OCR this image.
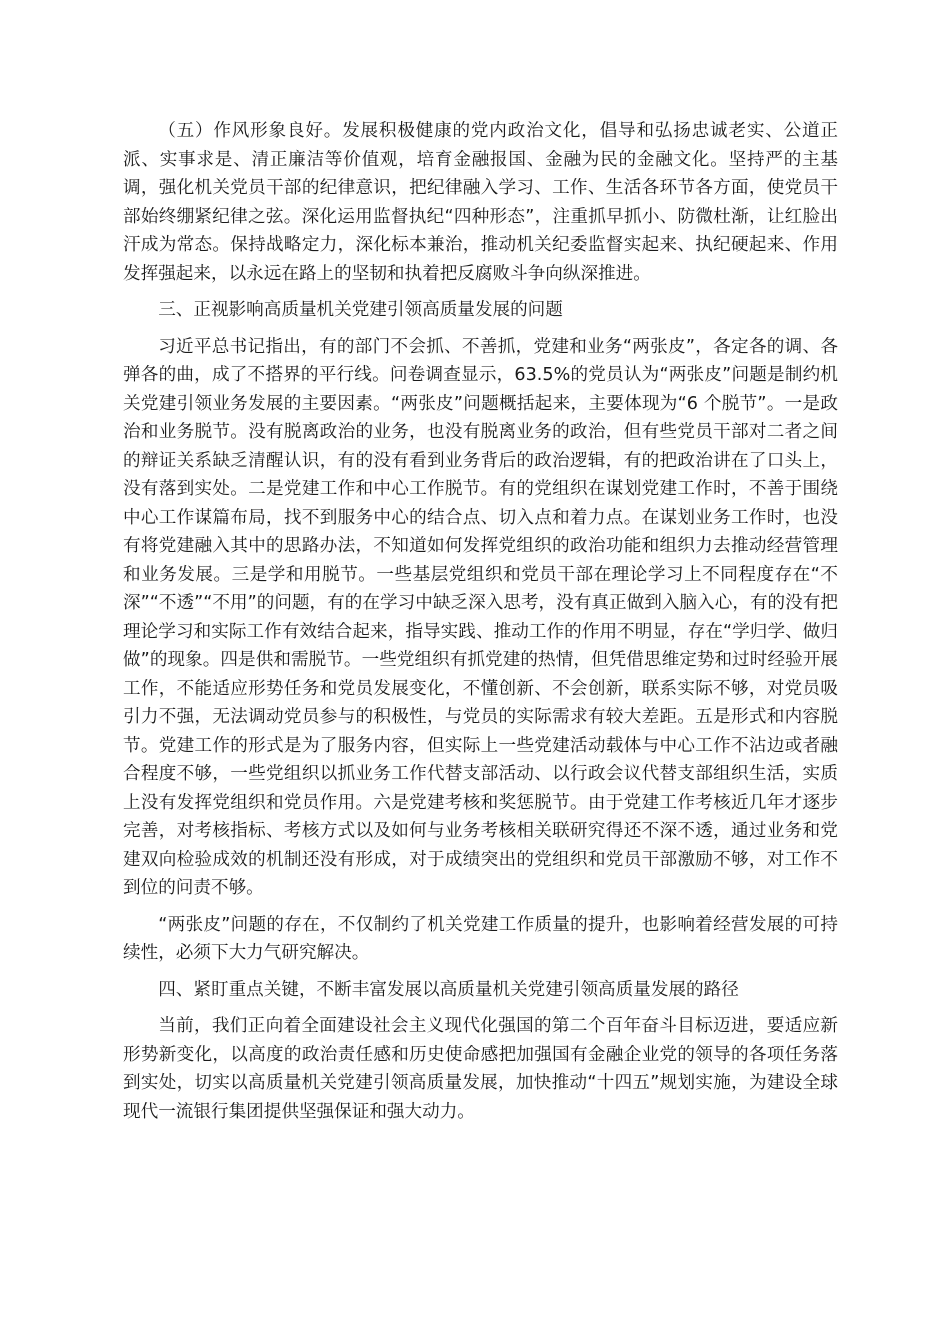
（五）作风形象良好。发展积极健康的党内政治文化，倡导和弘扬忠诚老实、公道正派、实事求是、清正廉洁等价值观，培育金融报国、金融为民的金融文化。坚持严的主基调，强化机关党员干部的纪律意识，把纪律融入学习、工作、生活各环节各方面，使党员干部始终绷紧纪律之弦。深化运用监督执纪“四种形态”，注重抓早抓小、防微杜渐，让红脸出汗成为常态。保持战略定力，深化标本兼治，推动机关纪委监督实起来、执纪硬起来、作用发挥强起来，以永远在路上的坚韧和执着把反腐败斗争向纵深推进。

三、正视影响高质量机关党建引领高质量发展的问题

习近平总书记指出，有的部门不会抓、不善抓，党建和业务“两张皮”，各定各的调、各弹各的曲，成了不搭界的平行线。问卷调查显示，63.5%的党员认为“两张皮”问题是制约机关党建引领业务发展的主要因素。“两张皮”问题概括起来，主要体现为“6 个脱节”。一是政治和业务脱节。没有脱离政治的业务，也没有脱离业务的政治，但有些党员干部对二者之间的辩证关系缺乏清醒认识，有的没有看到业务背后的政治逻辑，有的把政治讲在了口头上，没有落到实处。二是党建工作和中心工作脱节。有的党组织在谋划党建工作时，不善于围绕中心工作谋篇布局，找不到服务中心的结合点、切入点和着力点。在谋划业务工作时，也没有将党建融入其中的思路办法，不知道如何发挥党组织的政治功能和组织力去推动经营管理和业务发展。三是学和用脱节。一些基层党组织和党员干部在理论学习上不同程度存在“不深”“不透”“不用”的问题，有的在学习中缺乏深入思考，没有真正做到入脑入心，有的没有把理论学习和实际工作有效结合起来，指导实践、推动工作的作用不明显，存在“学归学、做归做”的现象。四是供和需脱节。一些党组织有抓党建的热情，但凭借思维定势和过时经验开展工作，不能适应形势任务和党员发展变化，不懂创新、不会创新，联系实际不够，对党员吸引力不强，无法调动党员参与的积极性，与党员的实际需求有较大差距。五是形式和内容脱节。党建工作的形式是为了服务内容，但实际上一些党建活动载体与中心工作不沾边或者融合程度不够，一些党组织以抓业务工作代替支部活动、以行政会议代替支部组织生活，实质上没有发挥党组织和党员作用。六是党建考核和奖惩脱节。由于党建工作考核近几年才逐步完善，对考核指标、考核方式以及如何与业务考核相关联研究得还不深不透，通过业务和党建双向检验成效的机制还没有形成，对于成绩突出的党组织和党员干部激励不够，对工作不到位的问责不够。

“两张皮”问题的存在，不仅制约了机关党建工作质量的提升，也影响着经营发展的可持续性，必须下大力气研究解决。

四、紧盯重点关键，不断丰富发展以高质量机关党建引领高质量发展的路径

当前，我们正向着全面建设社会主义现代化强国的第二个百年奋斗目标迈进，要适应新形势新变化，以高度的政治责任感和历史使命感把加强国有金融企业党的领导的各项任务落到实处，切实以高质量机关党建引领高质量发展，加快推动“十四五”规划实施，为建设全球现代一流银行集团提供坚强保证和强大动力。
